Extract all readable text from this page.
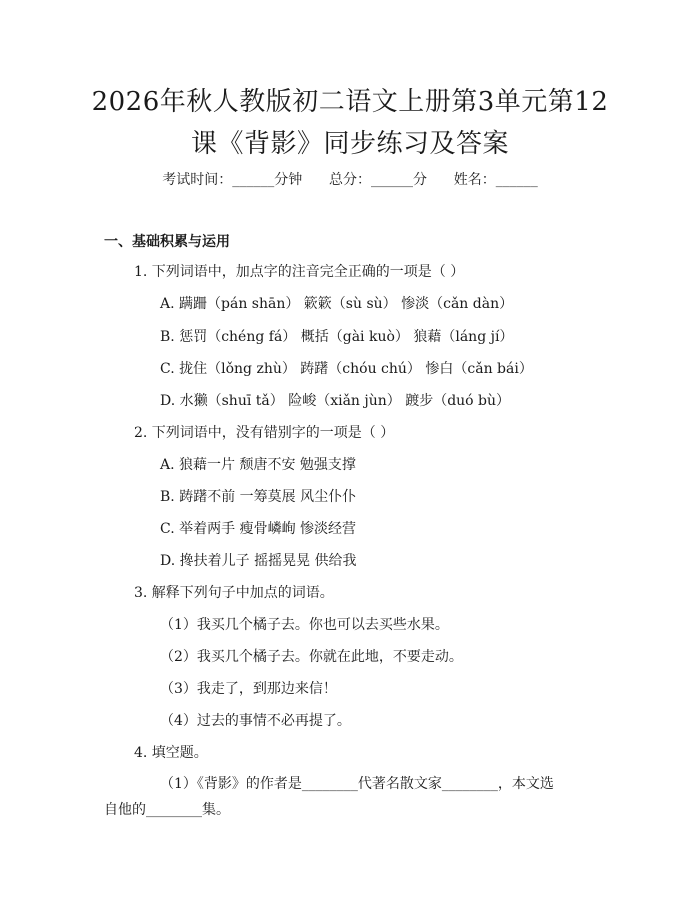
2026年秋人教版初二语文上册第3单元第12
课《背影》同步练习及答案
考试时间：______分钟      总分：______分      姓名：______
一、基础积累与运用
1. 下列词语中，加点字的注音完全正确的一项是（ ）
A. 蹒跚（pán shān） 簌簌（sù sù） 惨淡（cǎn dàn）
B. 惩罚（chéng fá） 概括（gài kuò） 狼藉（láng jí）
C. 拢住（lǒng zhù） 踌躇（chóu chú） 惨白（cǎn bái）
D. 水獭（shuī tǎ） 险峻（xiǎn jùn） 踱步（duó bù）
2. 下列词语中，没有错别字的一项是（ ）
A. 狼藉一片 颓唐不安 勉强支撑
B. 踌躇不前 一筹莫展 风尘仆仆
C. 举着两手 瘦骨嶙峋 惨淡经营
D. 搀扶着儿子 摇摇晃晃 供给我
3. 解释下列句子中加点的词语。
（1）我买几个橘子去。你也可以去买些水果。
（2）我买几个橘子去。你就在此地，不要走动。
（3）我走了，到那边来信！
（4）过去的事情不必再提了。
4. 填空题。
（1）《背影》的作者是________代著名散文家________，本文选自他的________集。
